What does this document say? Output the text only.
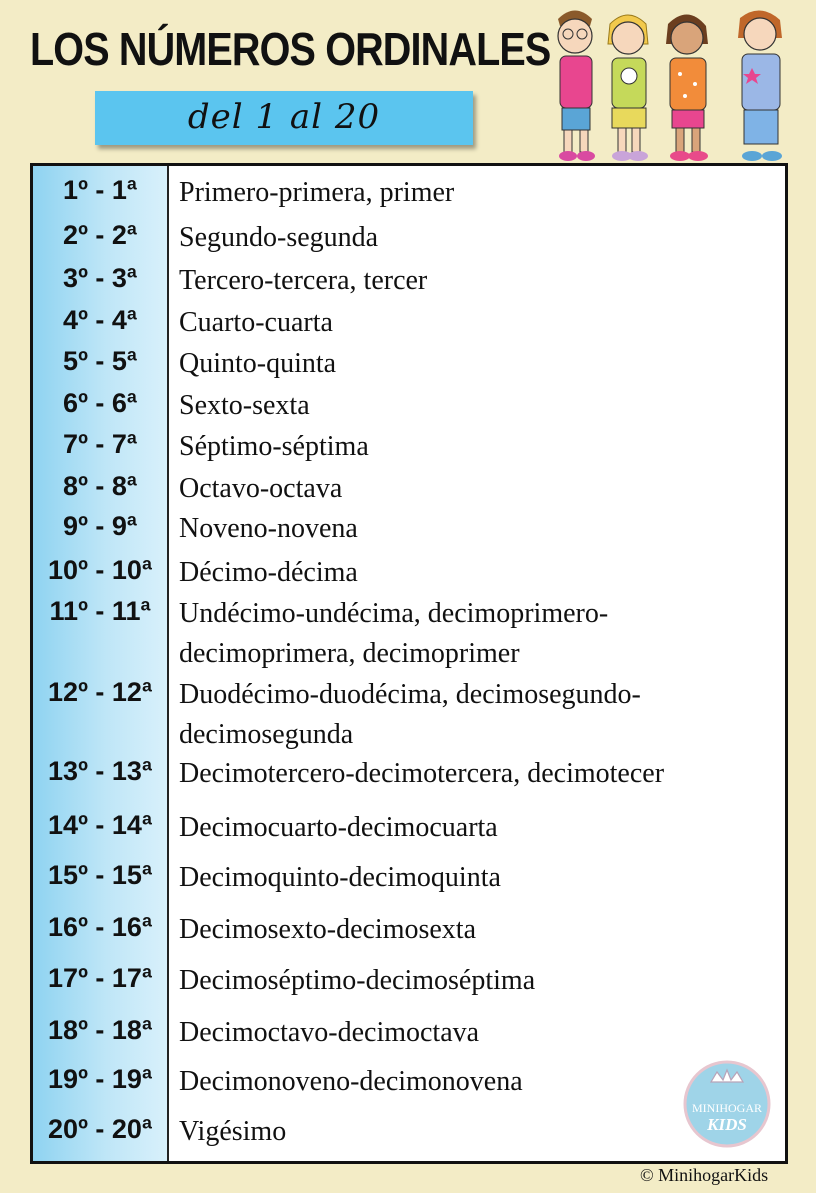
LOS NÚMEROS ORDINALES
del 1 al 20
1º - 1ª	Primero-primera, primer
2º - 2ª	Segundo-segunda
3º - 3ª	Tercero-tercera, tercer
4º - 4ª	Cuarto-cuarta
5º - 5ª	Quinto-quinta
6º - 6ª	Sexto-sexta
7º - 7ª	Séptimo-séptima
8º - 8ª	Octavo-octava
9º - 9ª	Noveno-novena
10º - 10ª Décimo-décima
11º - 11ª	Undécimo-undécima, decimoprimero-decimoprimera, decimoprimer
12º - 12ª Duodécimo-duodécima, decimosegundo-decimosegunda
13º - 13ª Decimotercero-decimotercera, decimotecer
14º - 14ª Decimocuarto-decimocuarta
15º - 15ª Decimoquinto-decimoquinta
16º - 16ª Decimosexto-decimosexta
17º - 17ª Decimoséptimo-decimoséptima
18º - 18ª Decimoctavo-decimoctava
19º - 19ª Decimonoveno-decimonovena
20º - 20ª Vigésimo
MINIHOGAR
KIDS
© MinihogarKids
